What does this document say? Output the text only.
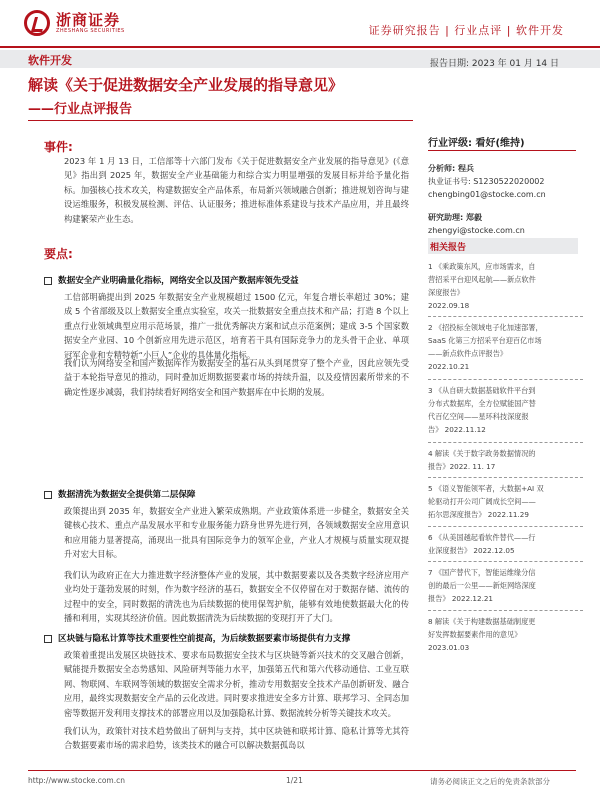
浙商证券
ZHESHANG SECURITIES	证券研究报告 | 行业点评 | 软件开发
软件开发	报告日期: 2023 年 01 月 14 日
解读《关于促进数据安全产业发展的指导意见》
——行业点评报告
事件:
2023 年 1 月 13 日，工信部等十六部门发布《关于促进数据安全产业发展的指导意见》(《意见》指出到 2025 年，数据安全产业基础能力和综合实力明显增强的发展目标并给予量化指标。加强核心技术攻关，构建数据安全产品体系，布局新兴领域融合创新；推进规划咨询与建设运维服务，积极发展检测、评估、认证服务；推进标准体系建设与技术产品应用，并且最终构建繁荣产业生态。
要点:
数据安全产业明确量化指标，网络安全以及国产数据库领先受益
工信部明确提出到 2025 年数据安全产业规模超过 1500 亿元，年复合增长率超过 30%；建成 5 个省部级及以上数据安全重点实验室，攻关一批数据安全重点技术和产品；打造 8 个以上重点行业领域典型应用示范场景，推广一批优秀解决方案和试点示范案例；建成 3-5 个国家数据安全产业园、10 个创新应用先进示范区，培育若干具有国际竞争力的龙头骨干企业、单项冠军企业和专精特新“小巨人”企业的具体量化指标。
我们认为网络安全和国产数据库作为数据安全的基石从头到尾贯穿了整个产业，因此应领先受益于本轮指导意见的推动，同时叠加近期数据要素市场的持续升温，以及疫情因素所带来的不确定性逐步减弱，我们持续看好网络安全和国产数据库在中长期的发展。
数据清洗为数据安全提供第二层保障
政策提出到 2035 年，数据安全产业进入繁荣成熟期。产业政策体系进一步健全，数据安全关键核心技术、重点产品发展水平和专业服务能力跻身世界先进行列，各领域数据安全应用意识和应用能力显著提高，涌现出一批具有国际竞争力的领军企业，产业人才规模与质量实现双提升对宏大目标。
我们认为政府正在大力推进数字经济整体产业的发展，其中数据要素以及各类数字经济应用产业均处于蓬勃发展的时刻，作为数字经济的基石，数据安全不仅停留在对于数据存储、流传的过程中的安全，同时数据的清洗也为后续数据的使用保驾护航，能够有效地使数据最大化的传播和利用，实现其经济价值。因此数据清洗为后续数据的变现打开了大门。
区块链与隐私计算等技术重要性空前提高，为后续数据要素市场提供有力支撑
政策着重提出发展区块链技术、要求布局数据安全技术与区块链等新兴技术的交叉融合创新，赋能提升数据安全态势感知、风险研判等能力水平，加强第五代和第六代移动通信、工业互联网、物联网、车联网等领域的数据安全需求分析，推动专用数据安全技术产品创新研发、融合应用，最终实现数据安全产品的云化改进。同时要求推进安全多方计算、联邦学习、全同态加密等数据开发利用支撑技术的部署应用以及加强隐私计算、数据流转分析等关键技术攻关。
我们认为，政策针对技术趋势做出了研判与支持，其中区块链和联邦计算、隐私计算等尤其符合数据要素市场的需求趋势，该类技术的融合可以解决数据孤岛以
行业评级: 看好(维持)
分析师: 程兵
执业证书号: S1230522020002
chengbing01@stocke.com.cn
研究助理: 郑毅
zhengyi@stocke.com.cn
相关报告
1 《乘政策东风，应市场需求，自
营招采平台迎风起航——新点软件
深度报告》
2022.09.18
2 《招投标全领域电子化加速部署，
SaaS 化第三方招采平台迎百亿市场
——新点软件点评报告》
2022.10.21
3 《从自研大数据基础软件平台到
分布式数据库，全方位赋能国产替
代百亿空间——星环科技深度报
告》 2022.11.12
4 解读《关于数字政务数据情况的
报告》2022. 11. 17
5 《语义智能领军者，大数据+AI 双
轮驱动打开公司广阔成长空间——
拓尔思深度报告》 2022.11.29
6 《从美国越起看软件替代——行
业深度报告》 2022.12.05
7 《国产替代下，智能运维缘分信
创的最后一公里——新炬网络深度
报告》 2022.12.21
8 解读《关于构建数据基础制度更
好发挥数据要素作用的意见》
2023.01.03
http://www.stocke.com.cn	1/21	请务必阅读正文之后的免责条款部分
